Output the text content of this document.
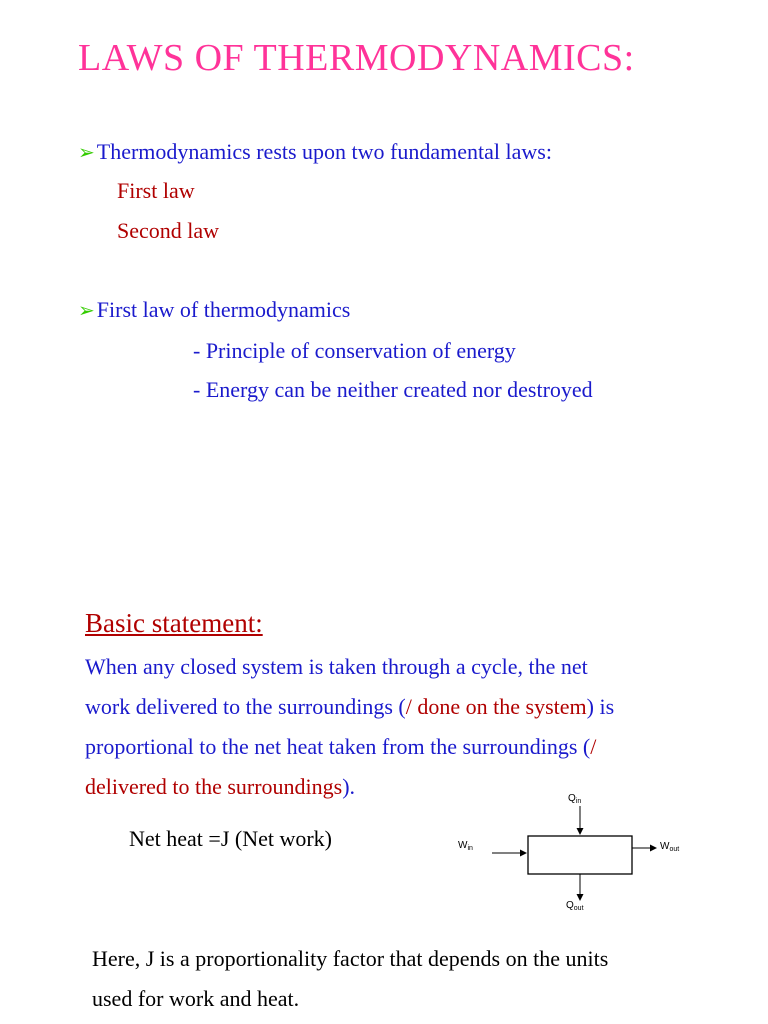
LAWS OF THERMODYNAMICS:
➢Thermodynamics rests upon two fundamental laws:
First law
Second law
➢First law of thermodynamics
- Principle of conservation of energy
- Energy can be neither created nor destroyed
Basic statement:
When any closed system is taken through a cycle, the net
work delivered to the surroundings (/ done on the system) is
proportional to the net heat taken from the surroundings (/
delivered to the surroundings).
Net heat =J (Net work)
$Q_{in}$
$Q_{out}$
$W_{in}$	$W_{out}$
Here, J is a proportionality factor that depends on the units
used for work and heat.
